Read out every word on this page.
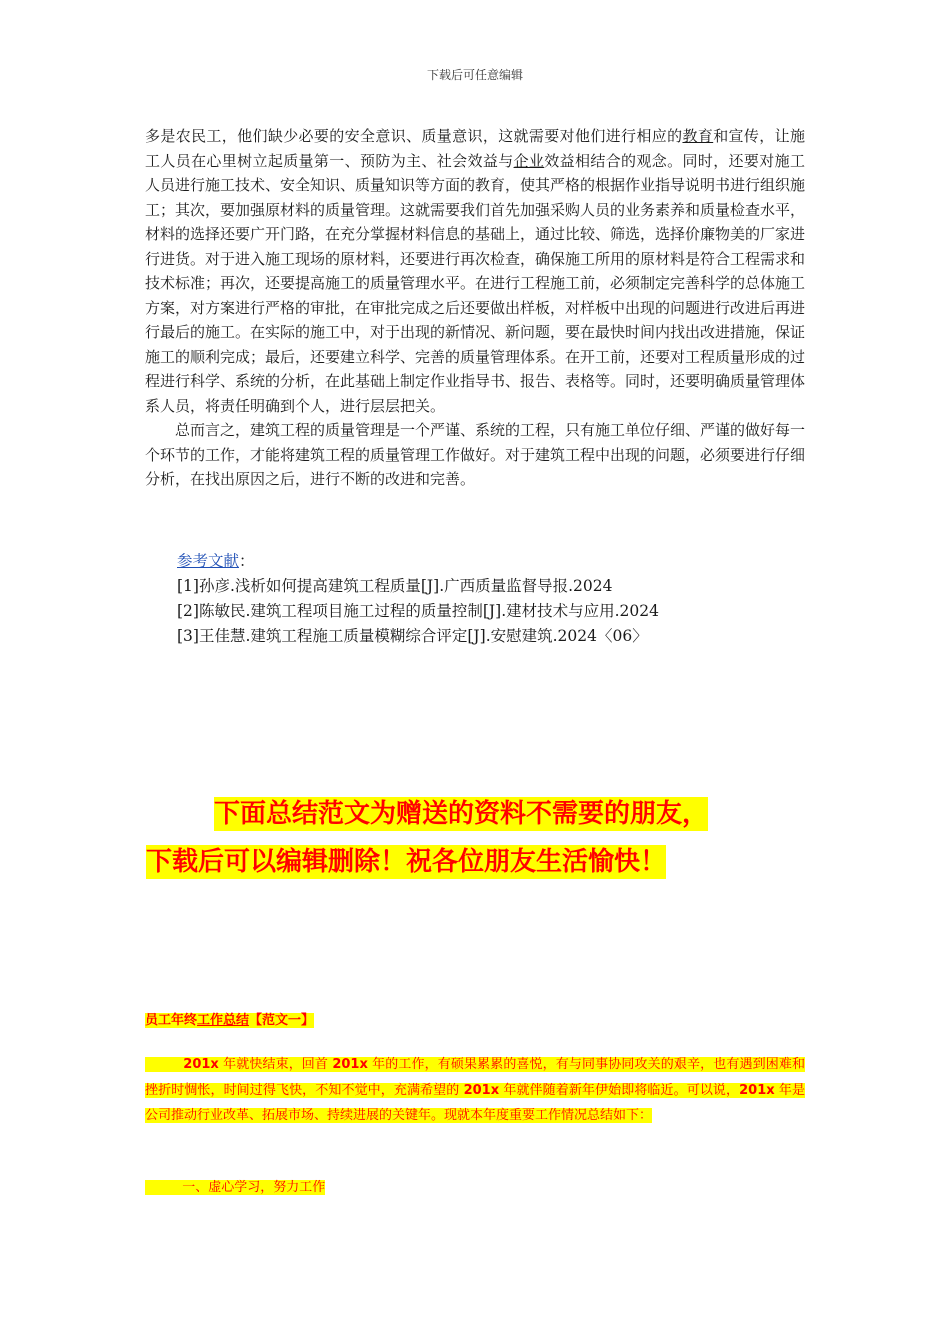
下载后可任意编辑

多是农民工，他们缺少必要的安全意识、质量意识，这就需要对他们进行相应的教育和宣传，让施工人员在心里树立起质量第一、预防为主、社会效益与企业效益相结合的观念。同时，还要对施工人员进行施工技术、安全知识、质量知识等方面的教育，使其严格的根据作业指导说明书进行组织施工；其次，要加强原材料的质量管理。这就需要我们首先加强采购人员的业务素养和质量检查水平，材料的选择还要广开门路，在充分掌握材料信息的基础上，通过比较、筛选，选择价廉物美的厂家进行进货。对于进入施工现场的原材料，还要进行再次检查，确保施工所用的原材料是符合工程需求和技术标准；再次，还要提高施工的质量管理水平。在进行工程施工前，必须制定完善科学的总体施工方案，对方案进行严格的审批，在审批完成之后还要做出样板，对样板中出现的问题进行改进后再进行最后的施工。在实际的施工中，对于出现的新情况、新问题，要在最快时间内找出改进措施，保证施工的顺利完成；最后，还要建立科学、完善的质量管理体系。在开工前，还要对工程质量形成的过程进行科学、系统的分析，在此基础上制定作业指导书、报告、表格等。同时，还要明确质量管理体系人员，将责任明确到个人，进行层层把关。

总而言之，建筑工程的质量管理是一个严谨、系统的工程，只有施工单位仔细、严谨的做好每一个环节的工作，才能将建筑工程的质量管理工作做好。对于建筑工程中出现的问题，必须要进行仔细分析，在找出原因之后，进行不断的改进和完善。

参考文献：
[1]孙彦.浅析如何提高建筑工程质量[J].广西质量监督导报.2024
[2]陈敏民.建筑工程项目施工过程的质量控制[J].建材技术与应用.2024
[3]王佳慧.建筑工程施工质量模糊综合评定[J].安慰建筑.2024〈06〉
下面总结范文为赠送的资料不需要的朋友，
下载后可以编辑删除！祝各位朋友生活愉快！
员工年终工作总结【范文一】
201x 年就快结束，回首 201x 年的工作，有硕果累累的喜悦，有与同事协同攻关的艰辛，也有遇到困难和挫折时惆怅，时间过得飞快，不知不觉中，充满希望的 201x 年就伴随着新年伊始即将临近。可以说，201x 年是公司推动行业改革、拓展市场、持续进展的关键年。现就本年度重要工作情况总结如下：
一、虚心学习，努力工作
